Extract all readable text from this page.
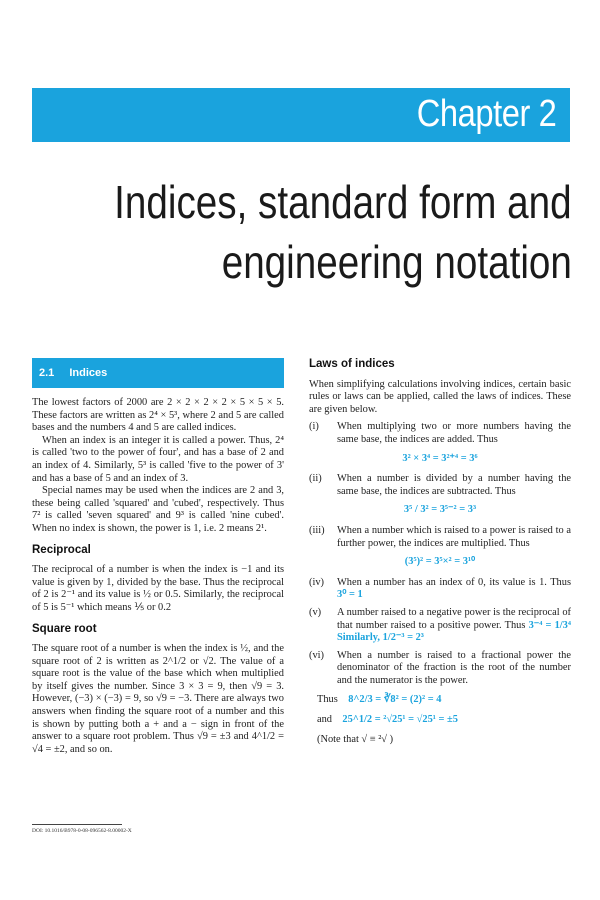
Chapter 2
Indices, standard form and
engineering notation
2.1 Indices

The lowest factors of 2000 are 2 × 2 × 2 × 2 × 5 × 5 × 5. These factors are written as 2⁴ × 5³, where 2 and 5 are called bases and the numbers 4 and 5 are called indices.

When an index is an integer it is called a power. Thus, 2⁴ is called 'two to the power of four', and has a base of 2 and an index of 4. Similarly, 5³ is called 'five to the power of 3' and has a base of 5 and an index of 3.

Special names may be used when the indices are 2 and 3, these being called 'squared' and 'cubed', respectively. Thus 7² is called 'seven squared' and 9³ is called 'nine cubed'. When no index is shown, the power is 1, i.e. 2 means 2¹.

Reciprocal

The reciprocal of a number is when the index is −1 and its value is given by 1, divided by the base. Thus the reciprocal of 2 is 2⁻¹ and its value is ½ or 0.5. Similarly, the reciprocal of 5 is 5⁻¹ which means ⅕ or 0.2

Square root

The square root of a number is when the index is ½, and the square root of 2 is written as 2^1/2 or √2. The value of a square root is the value of the base which when multiplied by itself gives the number. Since 3 × 3 = 9, then √9 = 3. However, (−3) × (−3) = 9, so √9 = −3. There are always two answers when finding the square root of a number and this is shown by putting both a + and a − sign in front of the answer to a square root problem. Thus √9 = ±3 and 4^1/2 = √4 = ±2, and so on.

Laws of indices

When simplifying calculations involving indices, certain basic rules or laws can be applied, called the laws of indices. These are given below.

(i)	When multiplying two or more numbers having the same base, the indices are added. Thus

3² × 3⁴ = 3²⁺⁴ = 3⁶
(ii)	When a number is divided by a number having the same base, the indices are subtracted. Thus

3⁵ / 3² = 3⁵⁻² = 3³
(iii)	When a number which is raised to a power is raised to a further power, the indices are multiplied. Thus

(3⁵)² = 3⁵×² = 3¹⁰
(iv)	When a number has an index of 0, its value is 1. Thus 3⁰ = 1

(v)	A number raised to a negative power is the reciprocal of that number raised to a positive power. Thus 3⁻⁴ = 1/3⁴ Similarly, 1/2⁻³ = 2³

(vi)	When a number is raised to a fractional power the denominator of the fraction is the root of the number and the numerator is the power.

Thus 8^2/3 = ∛8² = (2)² = 4
and 25^1/2 = ²√25¹ = √25¹ = ±5
(Note that √ ≡ ²√ )
DOI: 10.1016/B978-0-08-096562-8.00002-X
